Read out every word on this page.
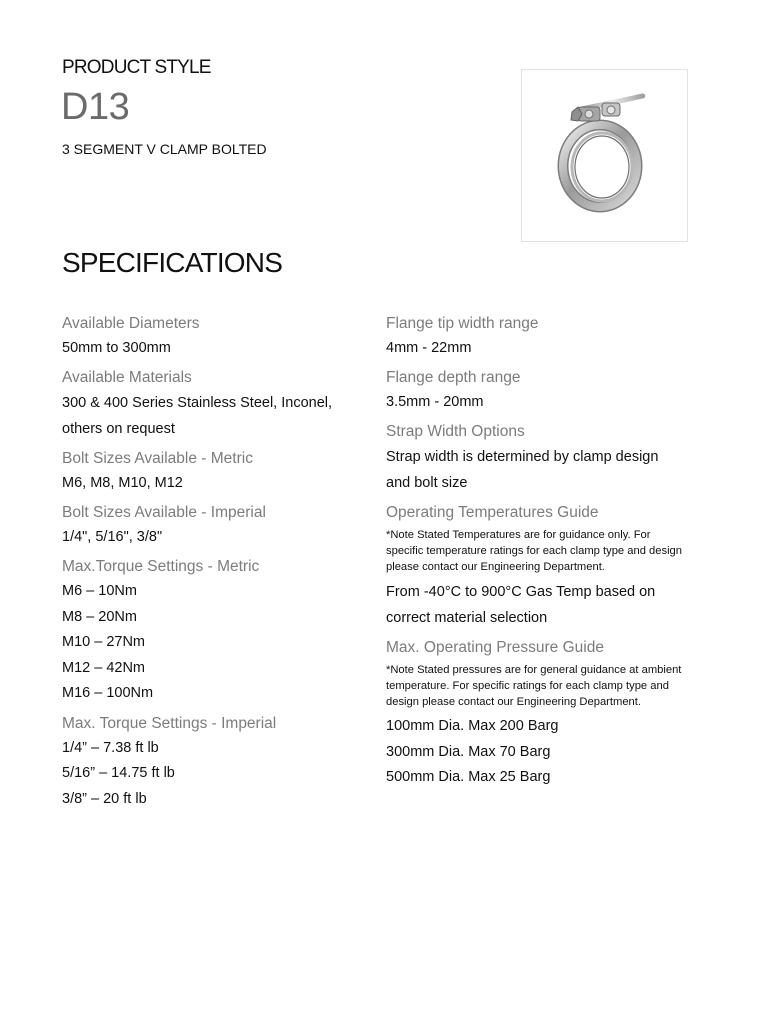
PRODUCT STYLE
D13
3 SEGMENT V CLAMP BOLTED
SPECIFICATIONS

Available Diameters

50mm to 300mm

Available Materials

300 & 400 Series Stainless Steel, Inconel,

others on request

Bolt Sizes Available - Metric

M6, M8, M10, M12

Bolt Sizes Available - Imperial

1/4", 5/16", 3/8"

Max.Torque Settings - Metric

M6 – 10Nm

M8 – 20Nm

M10 – 27Nm

M12 – 42Nm

M16 – 100Nm

Max. Torque Settings - Imperial

1/4” – 7.38 ft lb

5/16” – 14.75 ft lb

3/8” – 20 ft lb

Flange tip width range

4mm - 22mm

Flange depth range

3.5mm - 20mm

Strap Width Options

Strap width is determined by clamp design

and bolt size

Operating Temperatures Guide

*Note Stated Temperatures are for guidance only. For
specific temperature ratings for each clamp type and design
please contact our Engineering Department.

From -40°C to 900°C Gas Temp based on

correct material selection

Max. Operating Pressure Guide

*Note Stated pressures are for general guidance at ambient
temperature. For specific ratings for each clamp type and
design please contact our Engineering Department.

100mm Dia. Max 200 Barg

300mm Dia. Max 70 Barg

500mm Dia. Max 25 Barg
